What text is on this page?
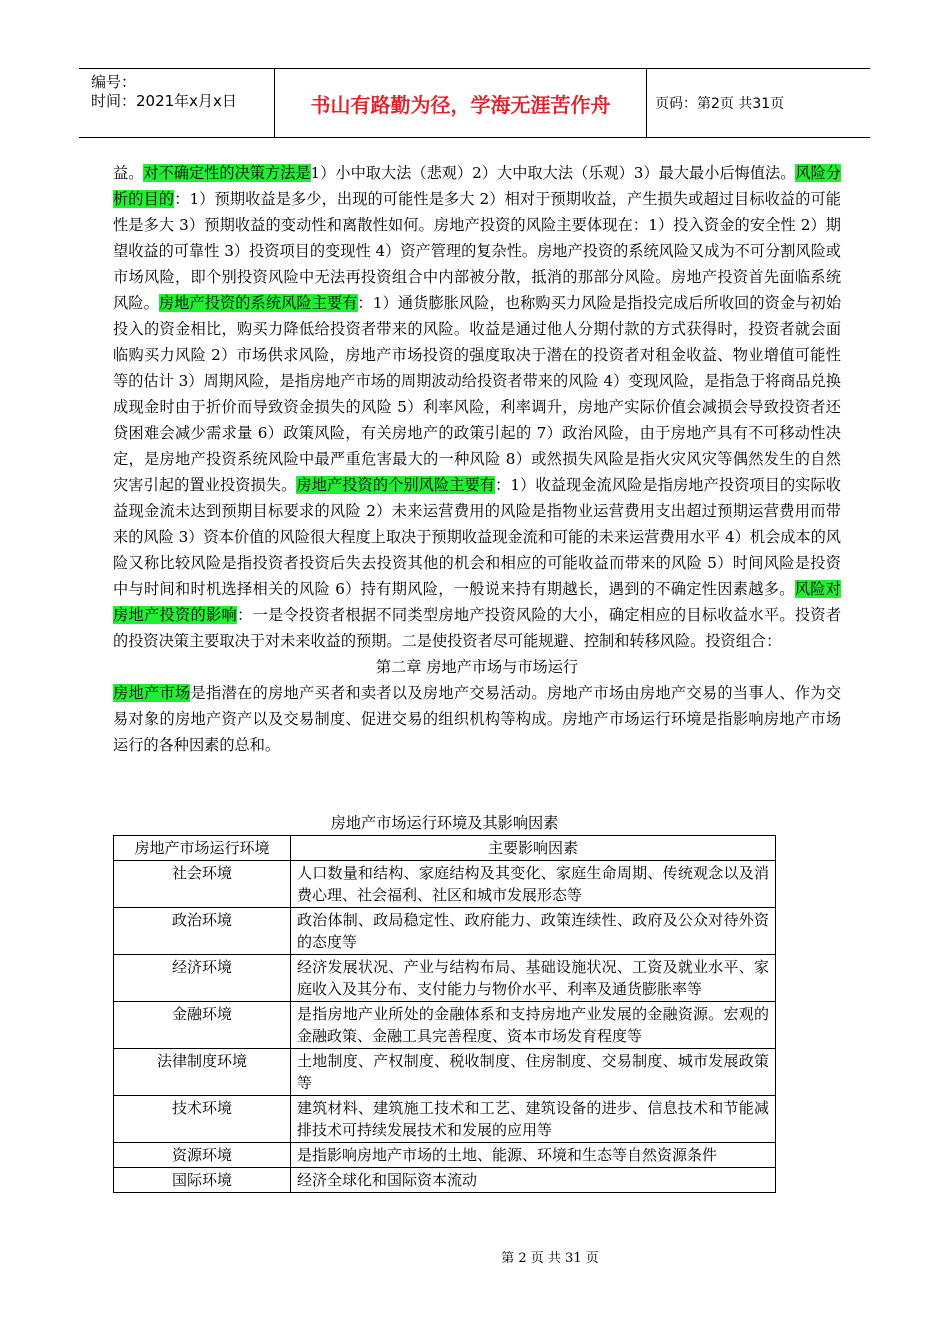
编号：
时间：2021年x月x日	书山有路勤为径，学海无涯苦作舟	页码：第2页 共31页

益。对不确定性的决策方法是1）小中取大法（悲观）2）大中取大法（乐观）3）最大最小后悔值法。风险分析的目的：1）预期收益是多少，出现的可能性是多大 2）相对于预期收益，产生损失或超过目标收益的可能性是多大 3）预期收益的变动性和离散性如何。房地产投资的风险主要体现在：1）投入资金的安全性 2）期望收益的可靠性 3）投资项目的变现性 4）资产管理的复杂性。房地产投资的系统风险又成为不可分割风险或市场风险，即个别投资风险中无法再投资组合中内部被分散，抵消的那部分风险。房地产投资首先面临系统风险。房地产投资的系统风险主要有：1）通货膨胀风险，也称购买力风险是指投完成后所收回的资金与初始投入的资金相比，购买力降低给投资者带来的风险。收益是通过他人分期付款的方式获得时，投资者就会面临购买力风险 2）市场供求风险，房地产市场投资的强度取决于潜在的投资者对租金收益、物业增值可能性等的估计 3）周期风险，是指房地产市场的周期波动给投资者带来的风险 4）变现风险，是指急于将商品兑换成现金时由于折价而导致资金损失的风险 5）利率风险，利率调升，房地产实际价值会减损会导致投资者还贷困难会减少需求量 6）政策风险，有关房地产的政策引起的 7）政治风险，由于房地产具有不可移动性决定，是房地产投资系统风险中最严重危害最大的一种风险 8）或然损失风险是指火灾风灾等偶然发生的自然灾害引起的置业投资损失。房地产投资的个别风险主要有：1）收益现金流风险是指房地产投资项目的实际收益现金流未达到预期目标要求的风险 2）未来运营费用的风险是指物业运营费用支出超过预期运营费用而带来的风险 3）资本价值的风险很大程度上取决于预期收益现金流和可能的未来运营费用水平 4）机会成本的风险又称比较风险是指投资者投资后失去投资其他的机会和相应的可能收益而带来的风险 5）时间风险是投资中与时间和时机选择相关的风险 6）持有期风险，一般说来持有期越长，遇到的不确定性因素越多。风险对房地产投资的影响：一是令投资者根据不同类型房地产投资风险的大小，确定相应的目标收益水平。投资者的投资决策主要取决于对未来收益的预期。二是使投资者尽可能规避、控制和转移风险。投资组合：

第二章 房地产市场与市场运行

房地产市场是指潜在的房地产买者和卖者以及房地产交易活动。房地产市场由房地产交易的当事人、作为交易对象的房地产资产以及交易制度、促进交易的组织机构等构成。房地产市场运行环境是指影响房地产市场运行的各种因素的总和。

房地产市场运行环境及其影响因素
房地产市场运行环境	主要影响因素
社会环境	人口数量和结构、家庭结构及其变化、家庭生命周期、传统观念以及消费心理、社会福利、社区和城市发展形态等
政治环境	政治体制、政局稳定性、政府能力、政策连续性、政府及公众对待外资的态度等
经济环境	经济发展状况、产业与结构布局、基础设施状况、工资及就业水平、家庭收入及其分布、支付能力与物价水平、利率及通货膨胀率等
金融环境	是指房地产业所处的金融体系和支持房地产业发展的金融资源。宏观的金融政策、金融工具完善程度、资本市场发育程度等
法律制度环境	土地制度、产权制度、税收制度、住房制度、交易制度、城市发展政策等
技术环境	建筑材料、建筑施工技术和工艺、建筑设备的进步、信息技术和节能减排技术可持续发展技术和发展的应用等
资源环境	是指影响房地产市场的土地、能源、环境和生态等自然资源条件
国际环境	经济全球化和国际资本流动
第 2 页 共 31 页
